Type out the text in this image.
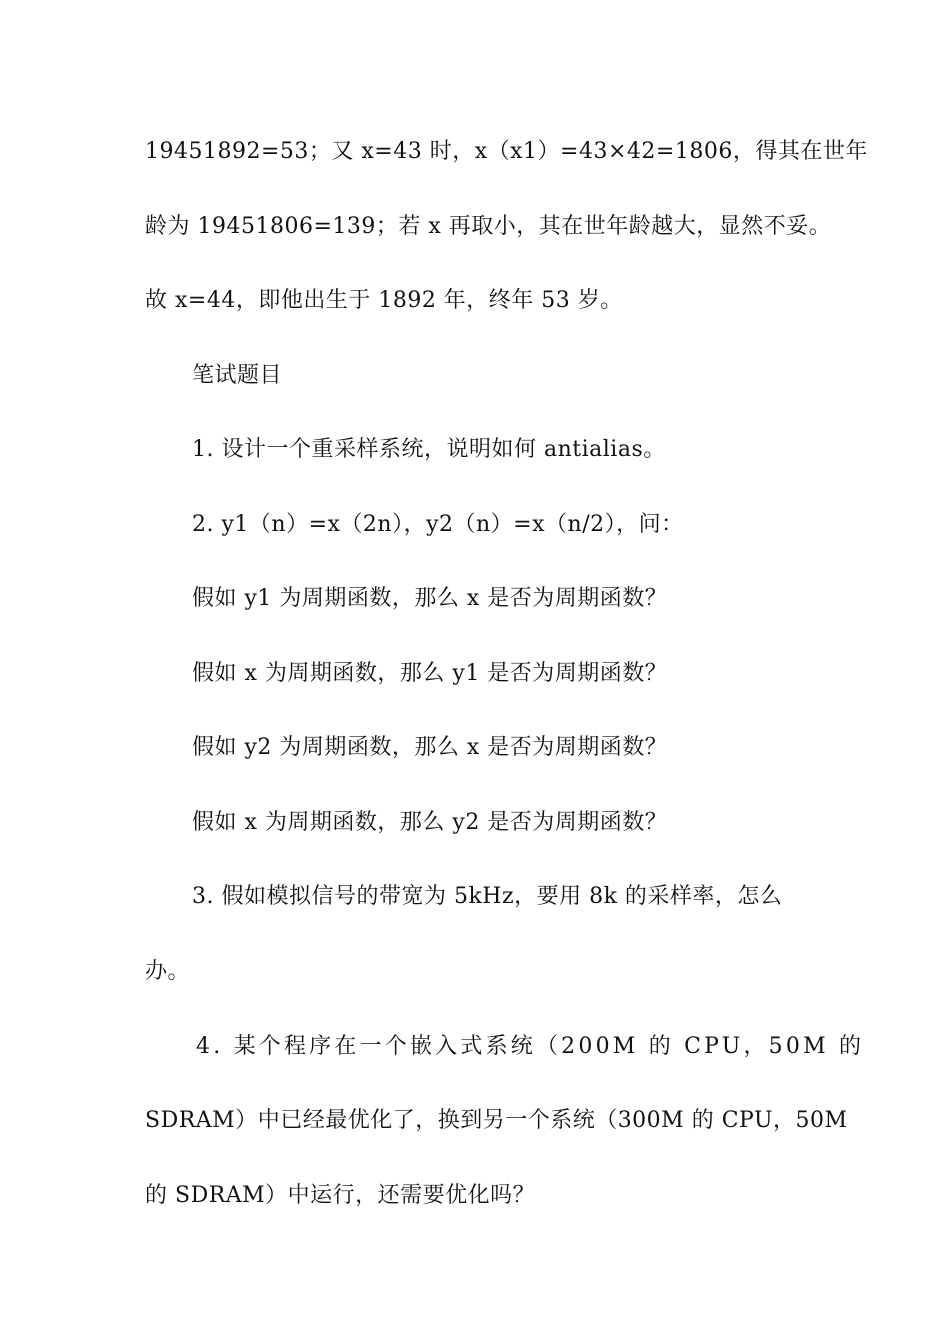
19451892=53；又 x=43 时，x（x1）=43×42=1806，得其在世年
龄为 19451806=139；若 x 再取小，其在世年龄越大，显然不妥。
故 x=44，即他出生于 1892 年，终年 53 岁。
笔试题目
1. 设计一个重采样系统，说明如何 antialias。
2. y1（n）=x（2n），y2（n）=x（n/2），问：
假如 y1 为周期函数，那么 x 是否为周期函数？
假如 x 为周期函数，那么 y1 是否为周期函数？
假如 y2 为周期函数，那么 x 是否为周期函数？
假如 x 为周期函数，那么 y2 是否为周期函数？
3. 假如模拟信号的带宽为 5kHz，要用 8k 的采样率，怎么
办。
4. 某个程序在一个嵌入式系统（200M 的 CPU，50M 的
SDRAM）中已经最优化了，换到另一个系统（300M 的 CPU，50M
的 SDRAM）中运行，还需要优化吗？
